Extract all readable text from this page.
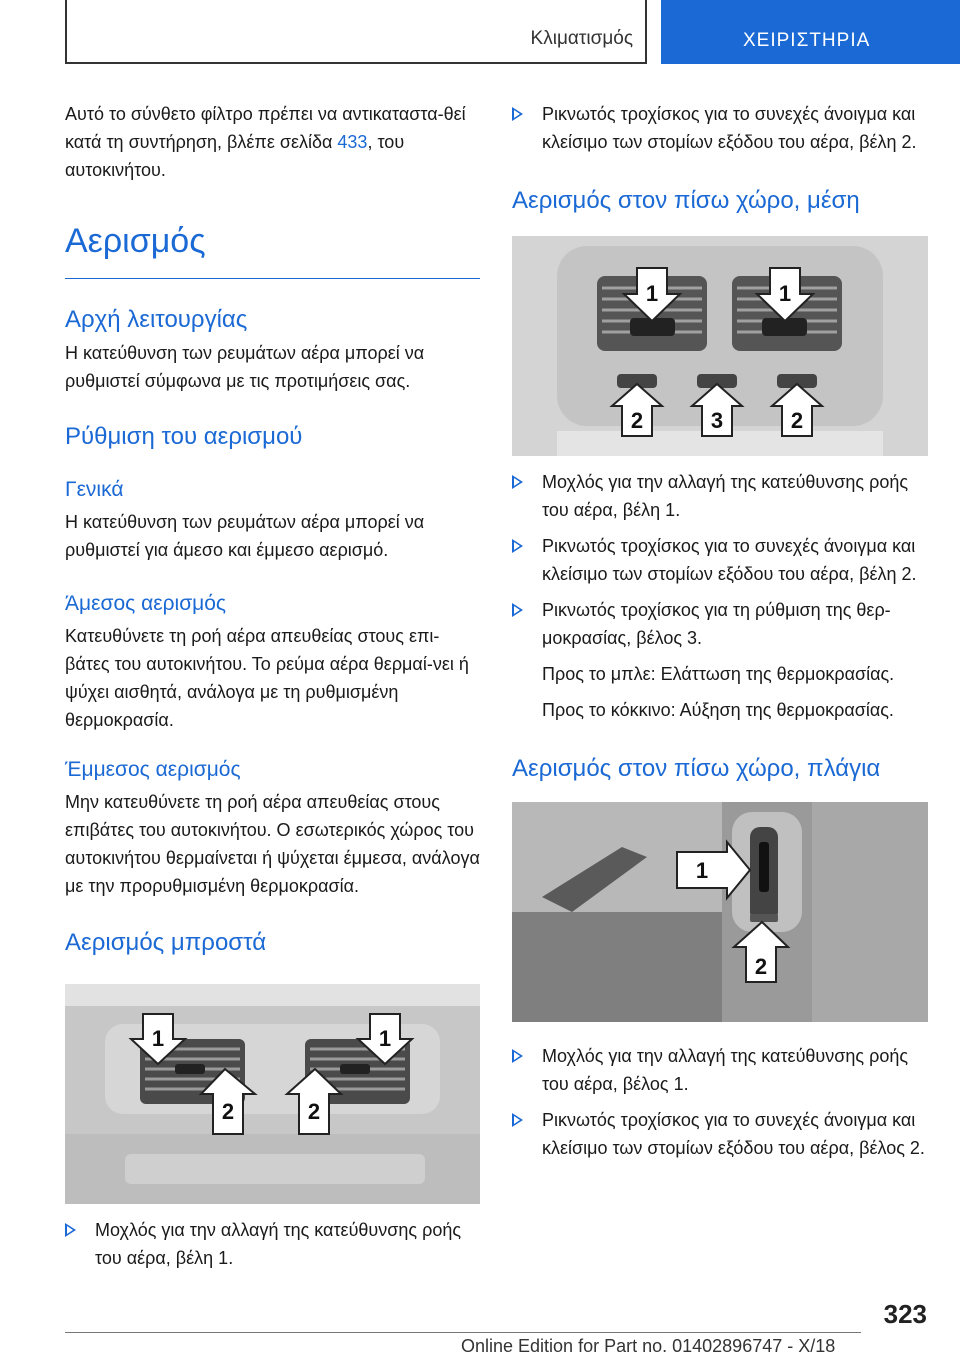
Κλιματισμός	ΧΕΙΡΙΣΤΗΡΙΑ

Αυτό το σύνθετο φίλτρο πρέπει να αντικαταστα-θεί κατά τη συντήρηση, βλέπε σελίδα 433, του αυτοκινήτου.

Αερισμός
Αρχή λειτουργίας

Η κατεύθυνση των ρευμάτων αέρα μπορεί να ρυθμιστεί σύμφωνα με τις προτιμήσεις σας.

Ρύθμιση του αερισμού
Γενικά

Η κατεύθυνση των ρευμάτων αέρα μπορεί να ρυθμιστεί για άμεσο και έμμεσο αερισμό.

Άμεσος αερισμός

Κατευθύνετε τη ροή αέρα απευθείας στους επι-βάτες του αυτοκινήτου. Το ρεύμα αέρα θερμαί-νει ή ψύχει αισθητά, ανάλογα με τη ρυθμισμένη θερμοκρασία.

Έμμεσος αερισμός

Μην κατευθύνετε τη ροή αέρα απευθείας στους επιβάτες του αυτοκινήτου. Ο εσωτερικός χώρος του αυτοκινήτου θερμαίνεται ή ψύχεται έμμεσα, ανάλογα με την προρυθμισμένη θερμοκρασία.

Αερισμός μπροστά
1	1
2	2
Μοχλός για την αλλαγή της κατεύθυνσης ροής του αέρα, βέλη 1.
Ρικνωτός τροχίσκος για το συνεχές άνοιγμα και κλείσιμο των στομίων εξόδου του αέρα, βέλη 2.
Αερισμός στον πίσω χώρο, μέση
1	1
2	3	2
Μοχλός για την αλλαγή της κατεύθυνσης ροής του αέρα, βέλη 1.
Ρικνωτός τροχίσκος για το συνεχές άνοιγμα και κλείσιμο των στομίων εξόδου του αέρα, βέλη 2.
Ρικνωτός τροχίσκος για τη ρύθμιση της θερ-μοκρασίας, βέλος 3.

Προς το μπλε: Ελάττωση της θερμοκρασίας.

Προς το κόκκινο: Αύξηση της θερμοκρασίας.

Αερισμός στον πίσω χώρο, πλάγια
1
2
Μοχλός για την αλλαγή της κατεύθυνσης ροής του αέρα, βέλος 1.
Ρικνωτός τροχίσκος για το συνεχές άνοιγμα και κλείσιμο των στομίων εξόδου του αέρα, βέλος 2.
323
Online Edition for Part no. 01402896747 - X/18
